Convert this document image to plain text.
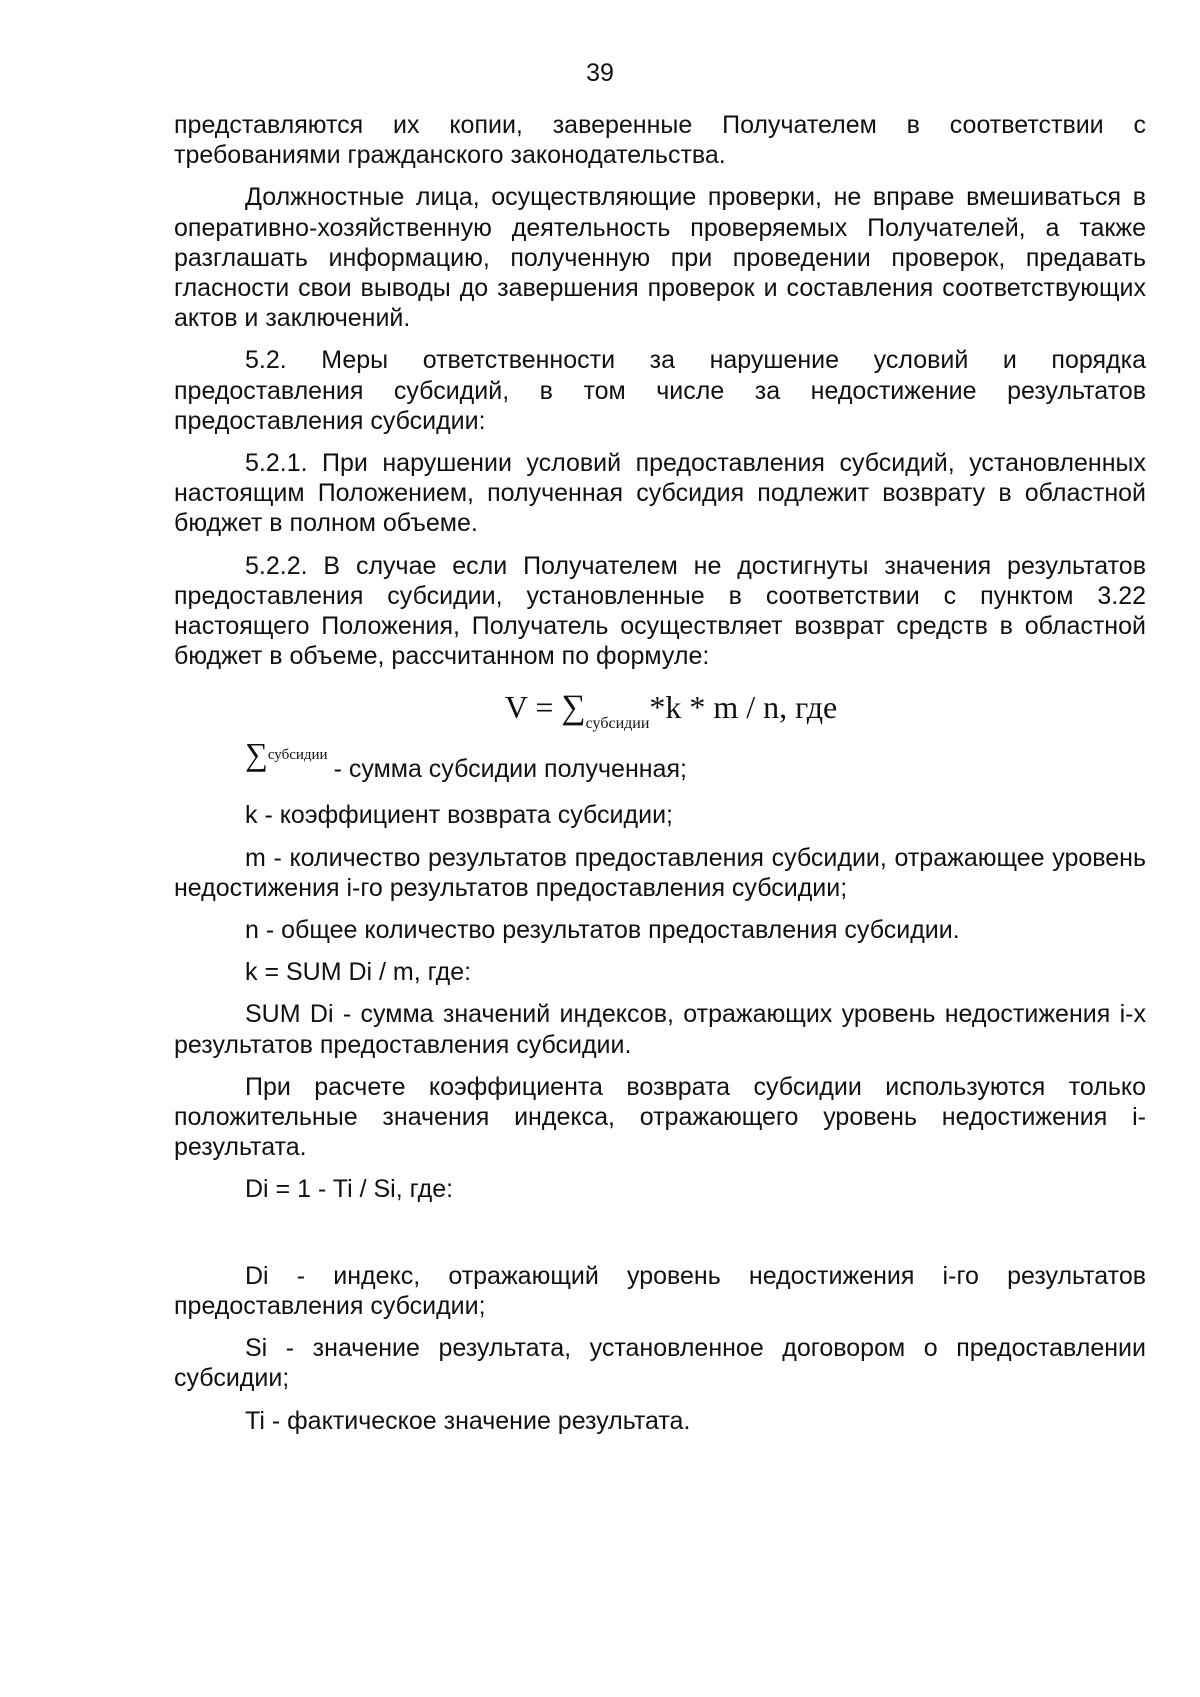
39

представляются их копии, заверенные Получателем в соответствии с требованиями гражданского законодательства.

Должностные лица, осуществляющие проверки, не вправе вмешиваться в оперативно-хозяйственную деятельность проверяемых Получателей, а также разглашать информацию, полученную при проведении проверок, предавать гласности свои выводы до завершения проверок и составления соответствующих актов и заключений.

5.2. Меры ответственности за нарушение условий и порядка предоставления субсидий, в том числе за недостижение результатов предоставления субсидии:

5.2.1. При нарушении условий предоставления субсидий, установленных настоящим Положением, полученная субсидия подлежит возврату в областной бюджет в полном объеме.

5.2.2. В случае если Получателем не достигнуты значения результатов предоставления субсидии, установленные в соответствии с пунктом 3.22 настоящего Положения, Получатель осуществляет возврат средств в областной бюджет в объеме, рассчитанном по формуле:

$V = \sum_{субсидии}*k * m / n$, где
∑$^{субсидии}$ - сумма субсидии полученная;

k - коэффициент возврата субсидии;

m - количество результатов предоставления субсидии, отражающее уровень недостижения i-го результатов предоставления субсидии;

n - общее количество результатов предоставления субсидии.

k = SUM Di / m, где:

SUM Di - сумма значений индексов, отражающих уровень недостижения i-х результатов предоставления субсидии.

При расчете коэффициента возврата субсидии используются только положительные значения индекса, отражающего уровень недостижения i-результата.

Di = 1 - Ti / Si, где:

Di - индекс, отражающий уровень недостижения i-го результатов предоставления субсидии;

Si - значение результата, установленное договором о предоставлении субсидии;

Ti - фактическое значение результата.
